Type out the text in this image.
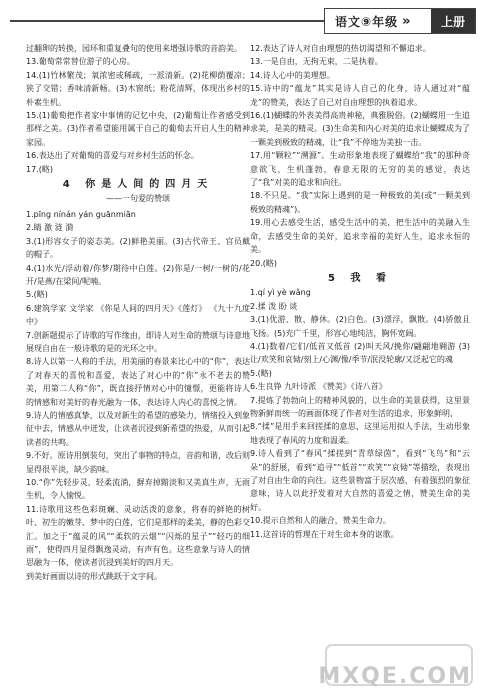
语文⑨年级 »	上册
过翻卵的转换，园环和重复叠句的使用来增强诗歌的音韵美。
13.葡萄常常替位游子的心房。
14.(1)竹林繁茂；氧浓密或稀疏，一派清新。(2)花柳荫覆凉；狭了交错；香味清新畅。(3)木窗纸；粉花清辉，体现出乡村的朴素生机。
15.(1)葡萄把作者家中事情的记忆中央，(2)葡萄让作者感受到那样之美。(3)作者希望能用属于自己的葡萄去开启人生的精神家园。
16.表达出了对葡萄的喜爱与对乡村生活的怀念。
17.(略)
4 你是人间的四月天
——一句爱的赞颂
1.pīng nínán yán guānmiān
2.睛 激 涟 漪
3.(1)形容女子的姿态美。(2)鲜艳美丽。(3)古代帝王、官员戴的帽子。
4.(1)水光/浮动着/你梦/期待中白莲。(2)你是/一树/一树的/花开/是燕/在梁间/呢喃。
5.(略)
6.建筑学家 文学家 《你是人间的四月天》《莲灯》 《九十九度中》
7.创新题提示了诗歌的写作缘由，即诗人对生命的赞颂与诗意地展现自由在一般诗歌的是的光环之中。
8.诗人以第一人称的手法，用美丽的春景来比心中的“你”，表达了对春天的喜悦和喜爱，表达了对心中的“你”永不老去的赞美，用第二人称“你”，既直接抒情对心中的憧憬，更能将诗人的情感和对美好的春光融为一体，表达诗人内心的喜悦之情。
9.诗人的情感真挚，以及对新生的希望的感染力，情绪投入到象征中去，情感从中迸发，让读者沉浸到新希望的热爱，从而引起读者的共鸣。
9.不好。原诗用倒装句，突出了事物的特点，音韵和谐，改后则显得很平淡，缺少韵味。
10.“你”先轻步灵，轻柔流淌，摒弃掉黯淡和又美真生声，无雨生机，令人愉悦。
11.诗歌用这些色彩斑斓、灵动活泼的意象，将春的鲜艳的树叶、初生的嫩芽、梦中的白莲，它们是那样的柔美，静的色彩交汇。加之于“蕴灵的风”“柔软的云烟”“闪烁的星子”“轻巧的细雨”，使得四月显得飘逸灵动，有声有色。这些意象与诗人的情思融为一体，使读者沉浸到美好的四月天。
到美好画面以诗的形式跳跃于文字间。
12.表达了诗人对自由理想的热切渴望和不懈追求。
13.一是自由，无拘无束，二是执着。
14.诗人心中的美理想。
15.诗中的“蕴龙”其实是诗人自己的化身，诗人通过对“蕴龙”的赞美，表达了自己对自由理想的执着追求。
16.(1)蝴蝶的外表美得高贵神秘，典雅脱俗。(2)蝴蝶用一生追求美，是美的精灵。(3)生命美和内心对美的追求让蝴蝶成为了一颗美到极致的精魂，让“我”不停地为美独一击。
17.用“颗粒”“溯源”。生动形象地表现了蝴蝶给“我”的那种奇意欲飞，生机蓬勃，春意无限的无穷的美的感觉，表达了“我”对美的追求和向往。
18.不只是。“我”实际上遇到的是一种极致的美(或“一颗美到极致的精魂”)。
19.用心去感受生活，感受生活中的美，把生活中的美融入生命，去感受生命的美好，追求幸福的美好人生，追求永恒的美。
20.(略)
5 我 看
1.qí yì yè wǎng
2.揉 泼 盼 谈
3.(1)优游、散、静休。(2)白色。(3)漂浮，飘散。(4)骄傲且飞扬。(5)充广千里，形容心地纯洁，胸怀宽阔。
4.(1)数着/它们/低首又低首 (2)叫天风/挽你/翩翩地翱游 (3)让/欢笑和哀恸/刻上/心渊/像/季节/泯没轮廓/又泛起它的魂
5.(略)
6.生良铮 九叶诗派 《赞美》《诗八首》
7.提炼了勃勃向上的精神风貌的，以生命的美景获得，这里景物新鲜而统一的画面体现了作者对生活的追求，形象鲜明，
8.“揉”是用手来回搓揉的意思，这里运用拟人手法，生动形象地表现了春风的力度和温柔。
9.诗人看到了“春风”揉搓到“青草绿茵”，看到“飞鸟”和“云朵”的舒展，看到“追寻”“低首”“欢笑”“哀恸”等描绘，表现出了对自由生命的向往。这些景物富于层次感，有着强烈的象征意味，诗人以此抒发着对大自然的喜爱之情，赞美生命的美好。
10.提示自然和人的融合，赞美生命力。
11.这首诗的哲理在于对生命本身的讴歌。
MXQE.COM
